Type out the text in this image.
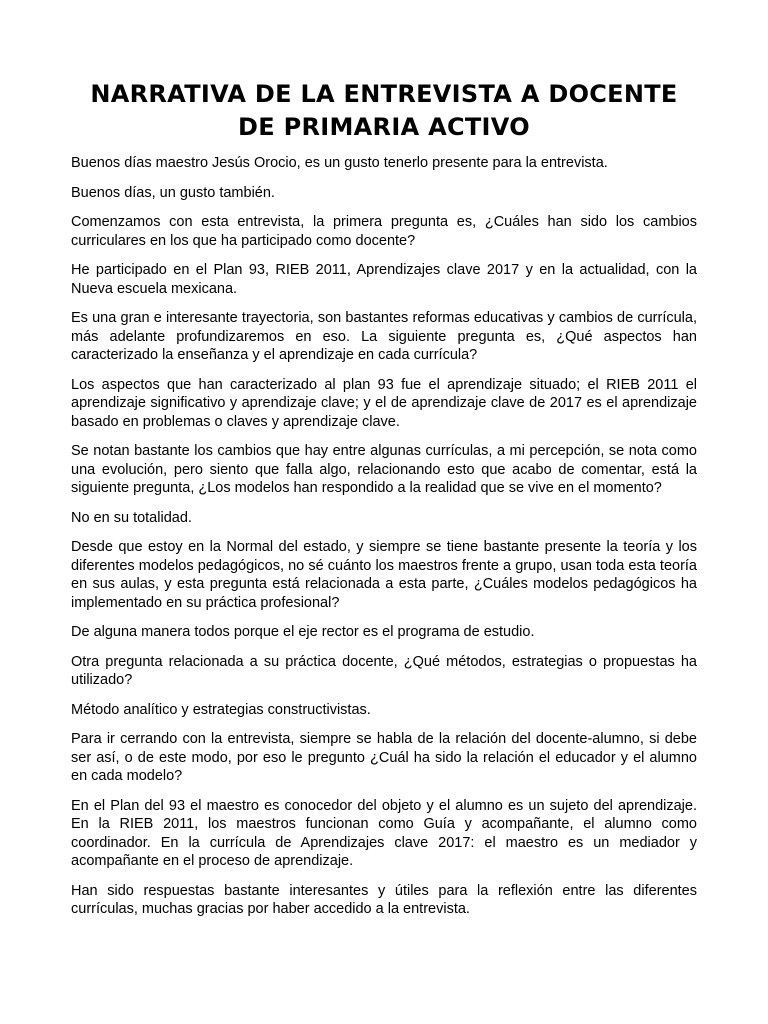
NARRATIVA DE LA ENTREVISTA A DOCENTE DE PRIMARIA ACTIVO

Buenos días maestro Jesús Orocio, es un gusto tenerlo presente para la entrevista.

Buenos días, un gusto también.

Comenzamos con esta entrevista, la primera pregunta es, ¿Cuáles han sido los cambios curriculares en los que ha participado como docente?

He participado en el Plan 93, RIEB 2011, Aprendizajes clave 2017 y en la actualidad, con la Nueva escuela mexicana.

Es una gran e interesante trayectoria, son bastantes reformas educativas y cambios de currícula, más adelante profundizaremos en eso. La siguiente pregunta es, ¿Qué aspectos han caracterizado la enseñanza y el aprendizaje en cada currícula?

Los aspectos que han caracterizado al plan 93 fue el aprendizaje situado; el RIEB 2011 el aprendizaje significativo y aprendizaje clave; y el de aprendizaje clave de 2017 es el aprendizaje basado en problemas o claves y aprendizaje clave.

Se notan bastante los cambios que hay entre algunas currículas, a mi percepción, se nota como una evolución, pero siento que falla algo, relacionando esto que acabo de comentar, está la siguiente pregunta, ¿Los modelos han respondido a la realidad que se vive en el momento?

No en su totalidad.

Desde que estoy en la Normal del estado, y siempre se tiene bastante presente la teoría y los diferentes modelos pedagógicos, no sé cuánto los maestros frente a grupo, usan toda esta teoría en sus aulas, y esta pregunta está relacionada a esta parte, ¿Cuáles modelos pedagógicos ha implementado en su práctica profesional?

De alguna manera todos porque el eje rector es el programa de estudio.

Otra pregunta relacionada a su práctica docente, ¿Qué métodos, estrategias o propuestas ha utilizado?

Método analítico y estrategias constructivistas.

Para ir cerrando con la entrevista, siempre se habla de la relación del docente-alumno, si debe ser así, o de este modo, por eso le pregunto ¿Cuál ha sido la relación el educador y el alumno en cada modelo?

En el Plan del 93 el maestro es conocedor del objeto y el alumno es un sujeto del aprendizaje. En la RIEB 2011, los maestros funcionan como Guía y acompañante, el alumno como coordinador. En la currícula de Aprendizajes clave 2017: el maestro es un mediador y acompañante en el proceso de aprendizaje.

Han sido respuestas bastante interesantes y útiles para la reflexión entre las diferentes currículas, muchas gracias por haber accedido a la entrevista.
